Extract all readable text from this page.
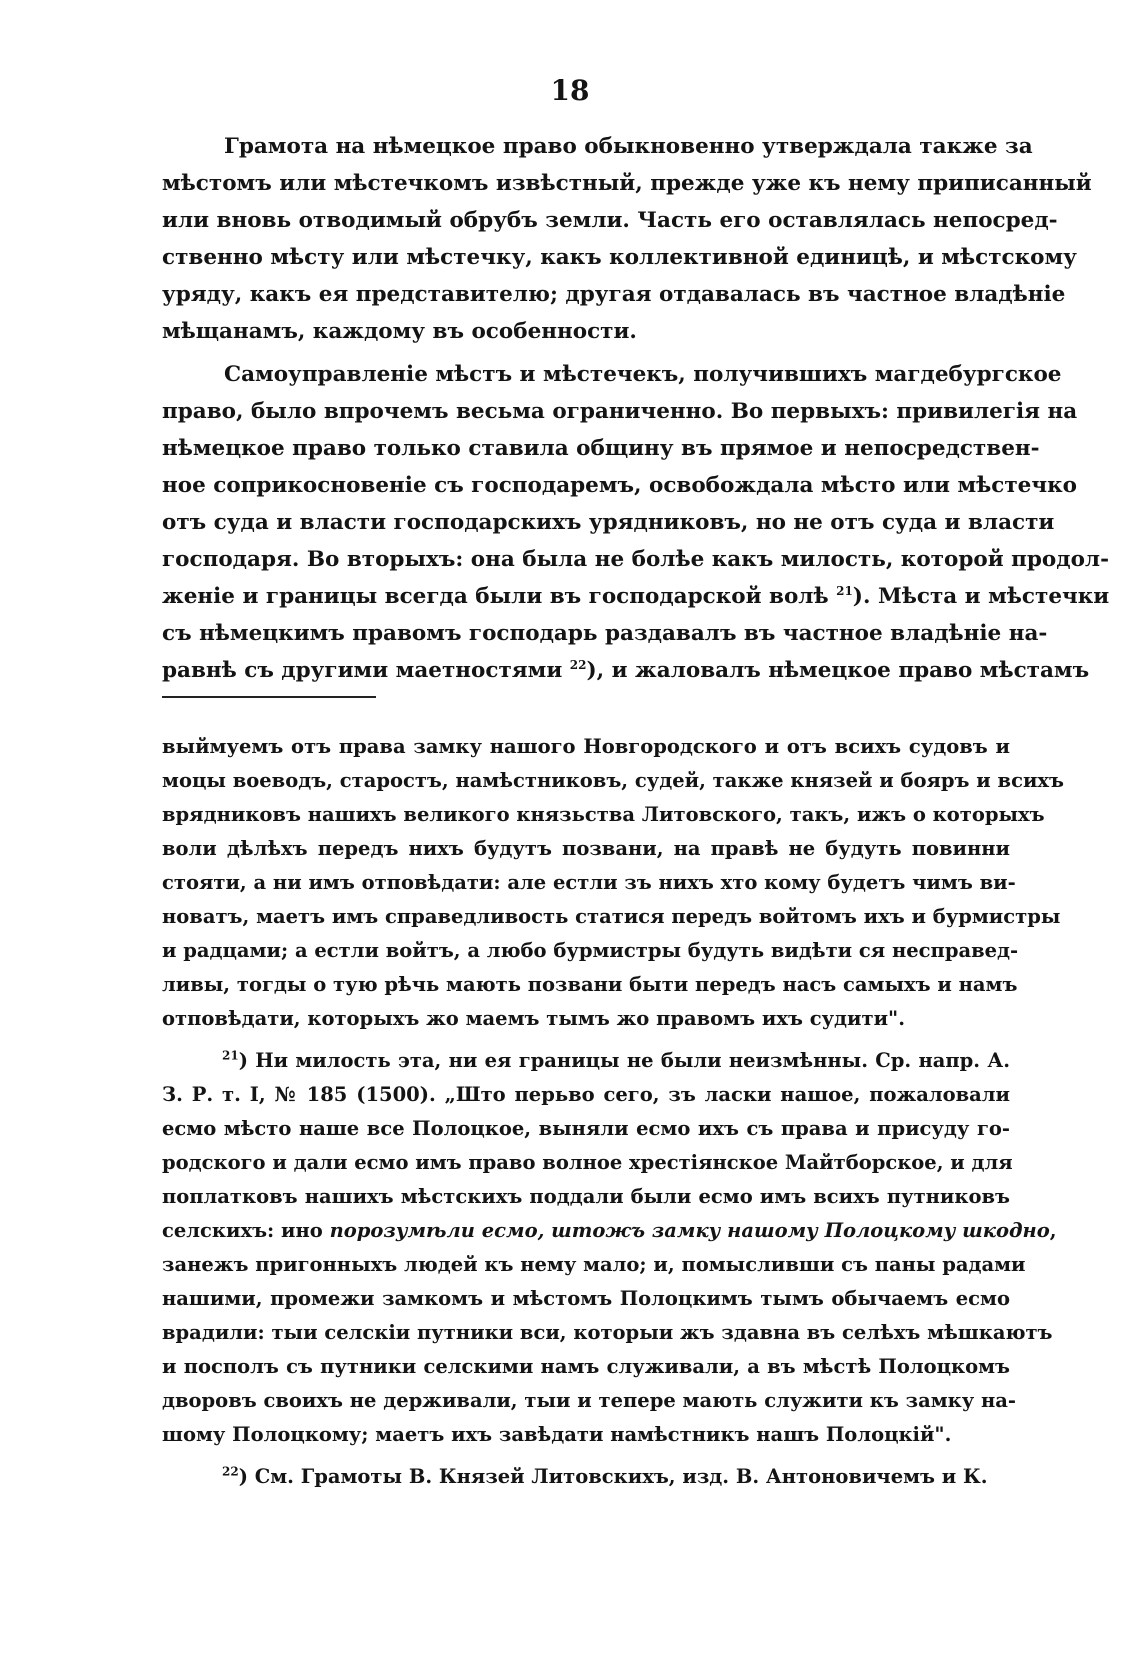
18
Грамота на нѣмецкое право обыкновенно утверждала также за
мѣстомъ или мѣстечкомъ извѣстный, прежде уже къ нему приписанный
или вновь отводимый обрубъ земли. Часть его оставлялась непосред-
ственно мѣсту или мѣстечку, какъ коллективной единицѣ, и мѣстскому
уряду, какъ ея представителю; другая отдавалась въ частное владѣніе
мѣщанамъ, каждому въ особенности.
Самоуправленіе мѣстъ и мѣстечекъ, получившихъ магдебургское
право, было впрочемъ весьма ограниченно. Во первыхъ: привилегія на
нѣмецкое право только ставила общину въ прямое и непосредствен-
ное соприкосновеніе съ господаремъ, освобождала мѣсто или мѣстечко
отъ суда и власти господарскихъ урядниковъ, но не отъ суда и власти
господаря. Во вторыхъ: она была не болѣе какъ милость, которой продол-
женіе и границы всегда были въ господарской волѣ $^{21}$). Мѣста и мѣстечки
съ нѣмецкимъ правомъ господарь раздавалъ въ частное владѣніе на-
равнѣ съ другими маетностями $^{22}$), и жаловалъ нѣмецкое право мѣстамъ
выймуемъ отъ права замку нашого Новгородского и отъ всихъ судовъ и
моцы воеводъ, старостъ, намѣстниковъ, судей, также князей и бояръ и всихъ
врядниковъ нашихъ великого князьства Литовского, такъ, ижъ о которыхъ
воли дѣлѣхъ передъ нихъ будутъ позвани, на правѣ не будуть повинни
стояти, а ни имъ отповѣдати: але естли зъ нихъ хто кому будетъ чимъ ви-
новатъ, маетъ имъ справедливость статися передъ войтомъ ихъ и бурмистры
и радцами; а естли войтъ, а любо бурмистры будуть видѣти ся несправед-
ливы, тогды о тую рѣчь мають позвани быти передъ насъ самыхъ и намъ
отповѣдати, которыхъ жо маемъ тымъ жо правомъ ихъ судити".
$^{21}$) Ни милость эта, ни ея границы не были неизмѣнны. Ср. напр. А.
З. Р. т. I, № 185 (1500). „Што перьво сего, зъ ласки нашое, пожаловали
есмо мѣсто наше все Полоцкое, выняли есмо ихъ съ права и присуду го-
родского и дали есмо имъ право волное хрестіянское Майтборское, и для
поплатковъ нашихъ мѣстскихъ поддали были есмо имъ всихъ путниковъ
селскихъ: ино порозумѣли есмо, штожъ замку нашому Полоцкому шкодно,
занежъ пригонныхъ людей къ нему мало; и, помысливши съ паны радами
нашими, промежи замкомъ и мѣстомъ Полоцкимъ тымъ обычаемъ есмо
врадили: тыи селскіи путники вси, которыи жъ здавна въ селѣхъ мѣшкаютъ
и посполъ съ путники селскими намъ служивали, а въ мѣстѣ Полоцкомъ
дворовъ своихъ не держивали, тыи и тепере мають служити къ замку на-
шому Полоцкому; маетъ ихъ завѣдати намѣстникъ нашъ Полоцкій".
$^{22}$) См. Грамоты В. Князей Литовскихъ, изд. В. Антоновичемъ и К.
